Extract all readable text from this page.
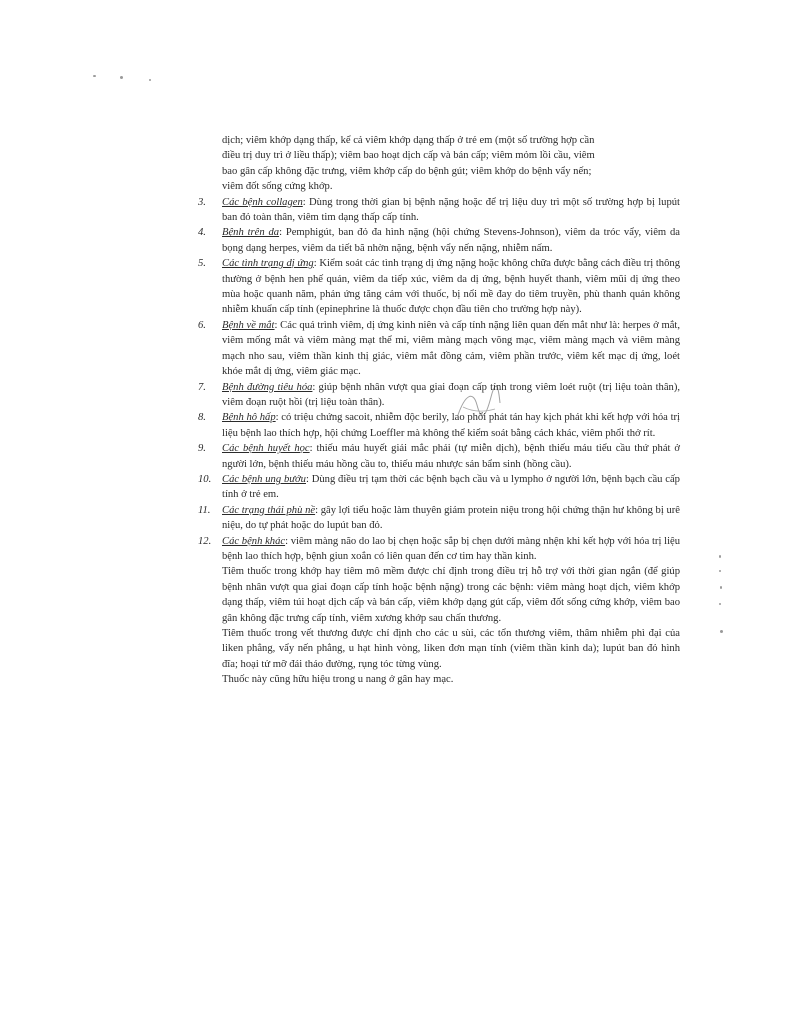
dịch; viêm khớp dạng thấp, kể cả viêm khớp dạng thấp ở trẻ em (một số trường hợp cần
điều trị duy trì ở liều thấp); viêm bao hoạt dịch cấp và bán cấp; viêm mỏm lồi cầu, viêm
bao gân cấp không đặc trưng, viêm khớp cấp do bệnh gút; viêm khớp do bệnh vẩy nến;
viêm đốt sống cứng khớp.
3.	Các bệnh collagen: Dùng trong thời gian bị bệnh nặng hoặc để trị liệu duy trì một số trường hợp bị lupút ban đỏ toàn thân, viêm tim dạng thấp cấp tính.

4.	Bệnh trên da: Pemphigút, ban đỏ đa hình nặng (hội chứng Stevens-Johnson), viêm da tróc vẩy, viêm da bọng dạng herpes, viêm da tiết bã nhờn nặng, bệnh vẩy nến nặng, nhiễm nấm.

5.	Các tình trạng dị ứng: Kiểm soát các tình trạng dị ứng nặng hoặc không chữa được bằng cách điều trị thông thường ở bệnh hen phế quản, viêm da tiếp xúc, viêm da dị ứng, bệnh huyết thanh, viêm mũi dị ứng theo mùa hoặc quanh năm, phản ứng tăng cảm với thuốc, bị nổi mề đay do tiêm truyền, phù thanh quản không nhiễm khuẩn cấp tính (epinephrine là thuốc được chọn đầu tiên cho trường hợp này).

6.	Bệnh về mắt: Các quá trình viêm, dị ứng kinh niên và cấp tính nặng liên quan đến mắt như là: herpes ở mắt, viêm mống mắt và viêm màng mạt thể mi, viêm màng mạch võng mạc, viêm màng mạch và viêm màng mạch nho sau, viêm thần kinh thị giác, viêm mắt đồng cảm, viêm phần trước, viêm kết mạc dị ứng, loét khóe mắt dị ứng, viêm giác mạc.

7.	Bệnh đường tiêu hóa: giúp bệnh nhân vượt qua giai đoạn cấp tính trong viêm loét ruột (trị liệu toàn thân), viêm đoạn ruột hồi (trị liệu toàn thân).

8.	Bệnh hô hấp: có triệu chứng sacoit, nhiễm độc berily, lao phổi phát tán hay kịch phát khi kết hợp với hóa trị liệu bệnh lao thích hợp, hội chứng Loeffler mà không thể kiểm soát bằng cách khác, viêm phổi thở rít.

9.	Các bệnh huyết học: thiếu máu huyết giải mắc phải (tự miễn dịch), bệnh thiếu máu tiểu cầu thứ phát ở người lớn, bệnh thiếu máu hồng cầu to, thiếu máu nhược sản bẩm sinh (hồng cầu).

10.	Các bệnh ung bướu: Dùng điều trị tạm thời các bệnh bạch cầu và u lympho ở người lớn, bệnh bạch cầu cấp tính ở trẻ em.

11.	Các trạng thái phù nề: gây lợi tiểu hoặc làm thuyên giảm protein niệu trong hội chứng thận hư không bị urê niệu, do tự phát hoặc do lupút ban đỏ.

12.	Các bệnh khác: viêm màng não do lao bị chẹn hoặc sắp bị chẹn dưới màng nhện khi kết hợp với hóa trị liệu bệnh lao thích hợp, bệnh giun xoắn có liên quan đến cơ tim hay thần kinh.

Tiêm thuốc trong khớp hay tiêm mô mềm được chỉ định trong điều trị hỗ trợ với thời gian ngắn (để giúp bệnh nhân vượt qua giai đoạn cấp tính hoặc bệnh nặng) trong các bệnh: viêm màng hoạt dịch, viêm khớp dạng thấp, viêm túi hoạt dịch cấp và bán cấp, viêm khớp dạng gút cấp, viêm đốt sống cứng khớp, viêm bao gân không đặc trưng cấp tính, viêm xương khớp sau chấn thương.

Tiêm thuốc trong vết thương được chỉ định cho các u sùi, các tổn thương viêm, thâm nhiễm phì đại của liken phẳng, vẩy nến phẳng, u hạt hình vòng, liken đơn mạn tính (viêm thần kinh da); lupút ban đỏ hình đĩa; hoại tử mỡ đái tháo đường, rụng tóc từng vùng.

Thuốc này cũng hữu hiệu trong u nang ở gân hay mạc.
